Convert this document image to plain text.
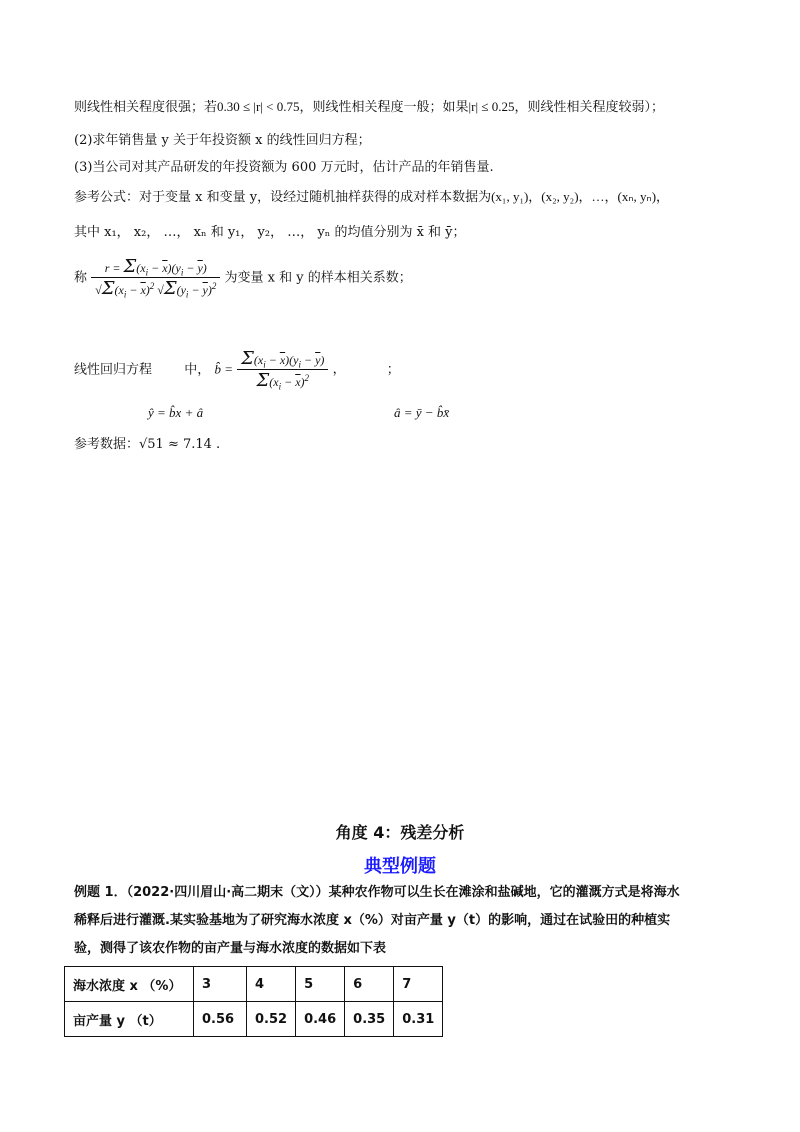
则线性相关程度很强；若0.30 ≤ |r| < 0.75，则线性相关程度一般；如果|r| ≤ 0.25，则线性相关程度较弱）；
(2)求年销售量 y 关于年投资额 x 的线性回归方程；
(3)当公司对其产品研发的年投资额为 600 万元时，估计产品的年销售量.
参考公式：对于变量 x 和变量 y，设经过随机抽样获得的成对样本数据为(x₁, y₁)，(x₂, y₂)，…，(xₙ, yₙ)，
其中 x₁， x₂， …， xₙ 和 y₁， y₂， …， yₙ 的均值分别为 x̄ 和 ȳ；
称 $\frac{r = \Sigma(x_i - \overline{x})(y_i - \overline{y})}{√\Sigma(x_i - \overline{x})^2 √\Sigma(y_i - \overline{y})^2}$ 为变量 x 和 y 的样本相关系数；
线性回归方程 中， b̂ = $\frac{\Sigma(x_i - \overline{x})(y_i - \overline{y})}{\Sigma(x_i - \overline{x})^2}$ ，	；
ŷ = b̂x + â	â = ȳ − b̂x̄
参考数据：√51 ≈ 7.14 .
角度 4：残差分析
典型例题
例题 1．（2022·四川眉山·高二期末（文））某种农作物可以生长在滩涂和盐碱地，它的灌溉方式是将海水
稀释后进行灌溉.某实验基地为了研究海水浓度 x（%）对亩产量 y（t）的影响，通过在试验田的种植实
验，测得了该农作物的亩产量与海水浓度的数据如下表
海水浓度 x （%）	3	4	5	6	7
亩产量 y （t）	0.56	0.52	0.46	0.35	0.31
